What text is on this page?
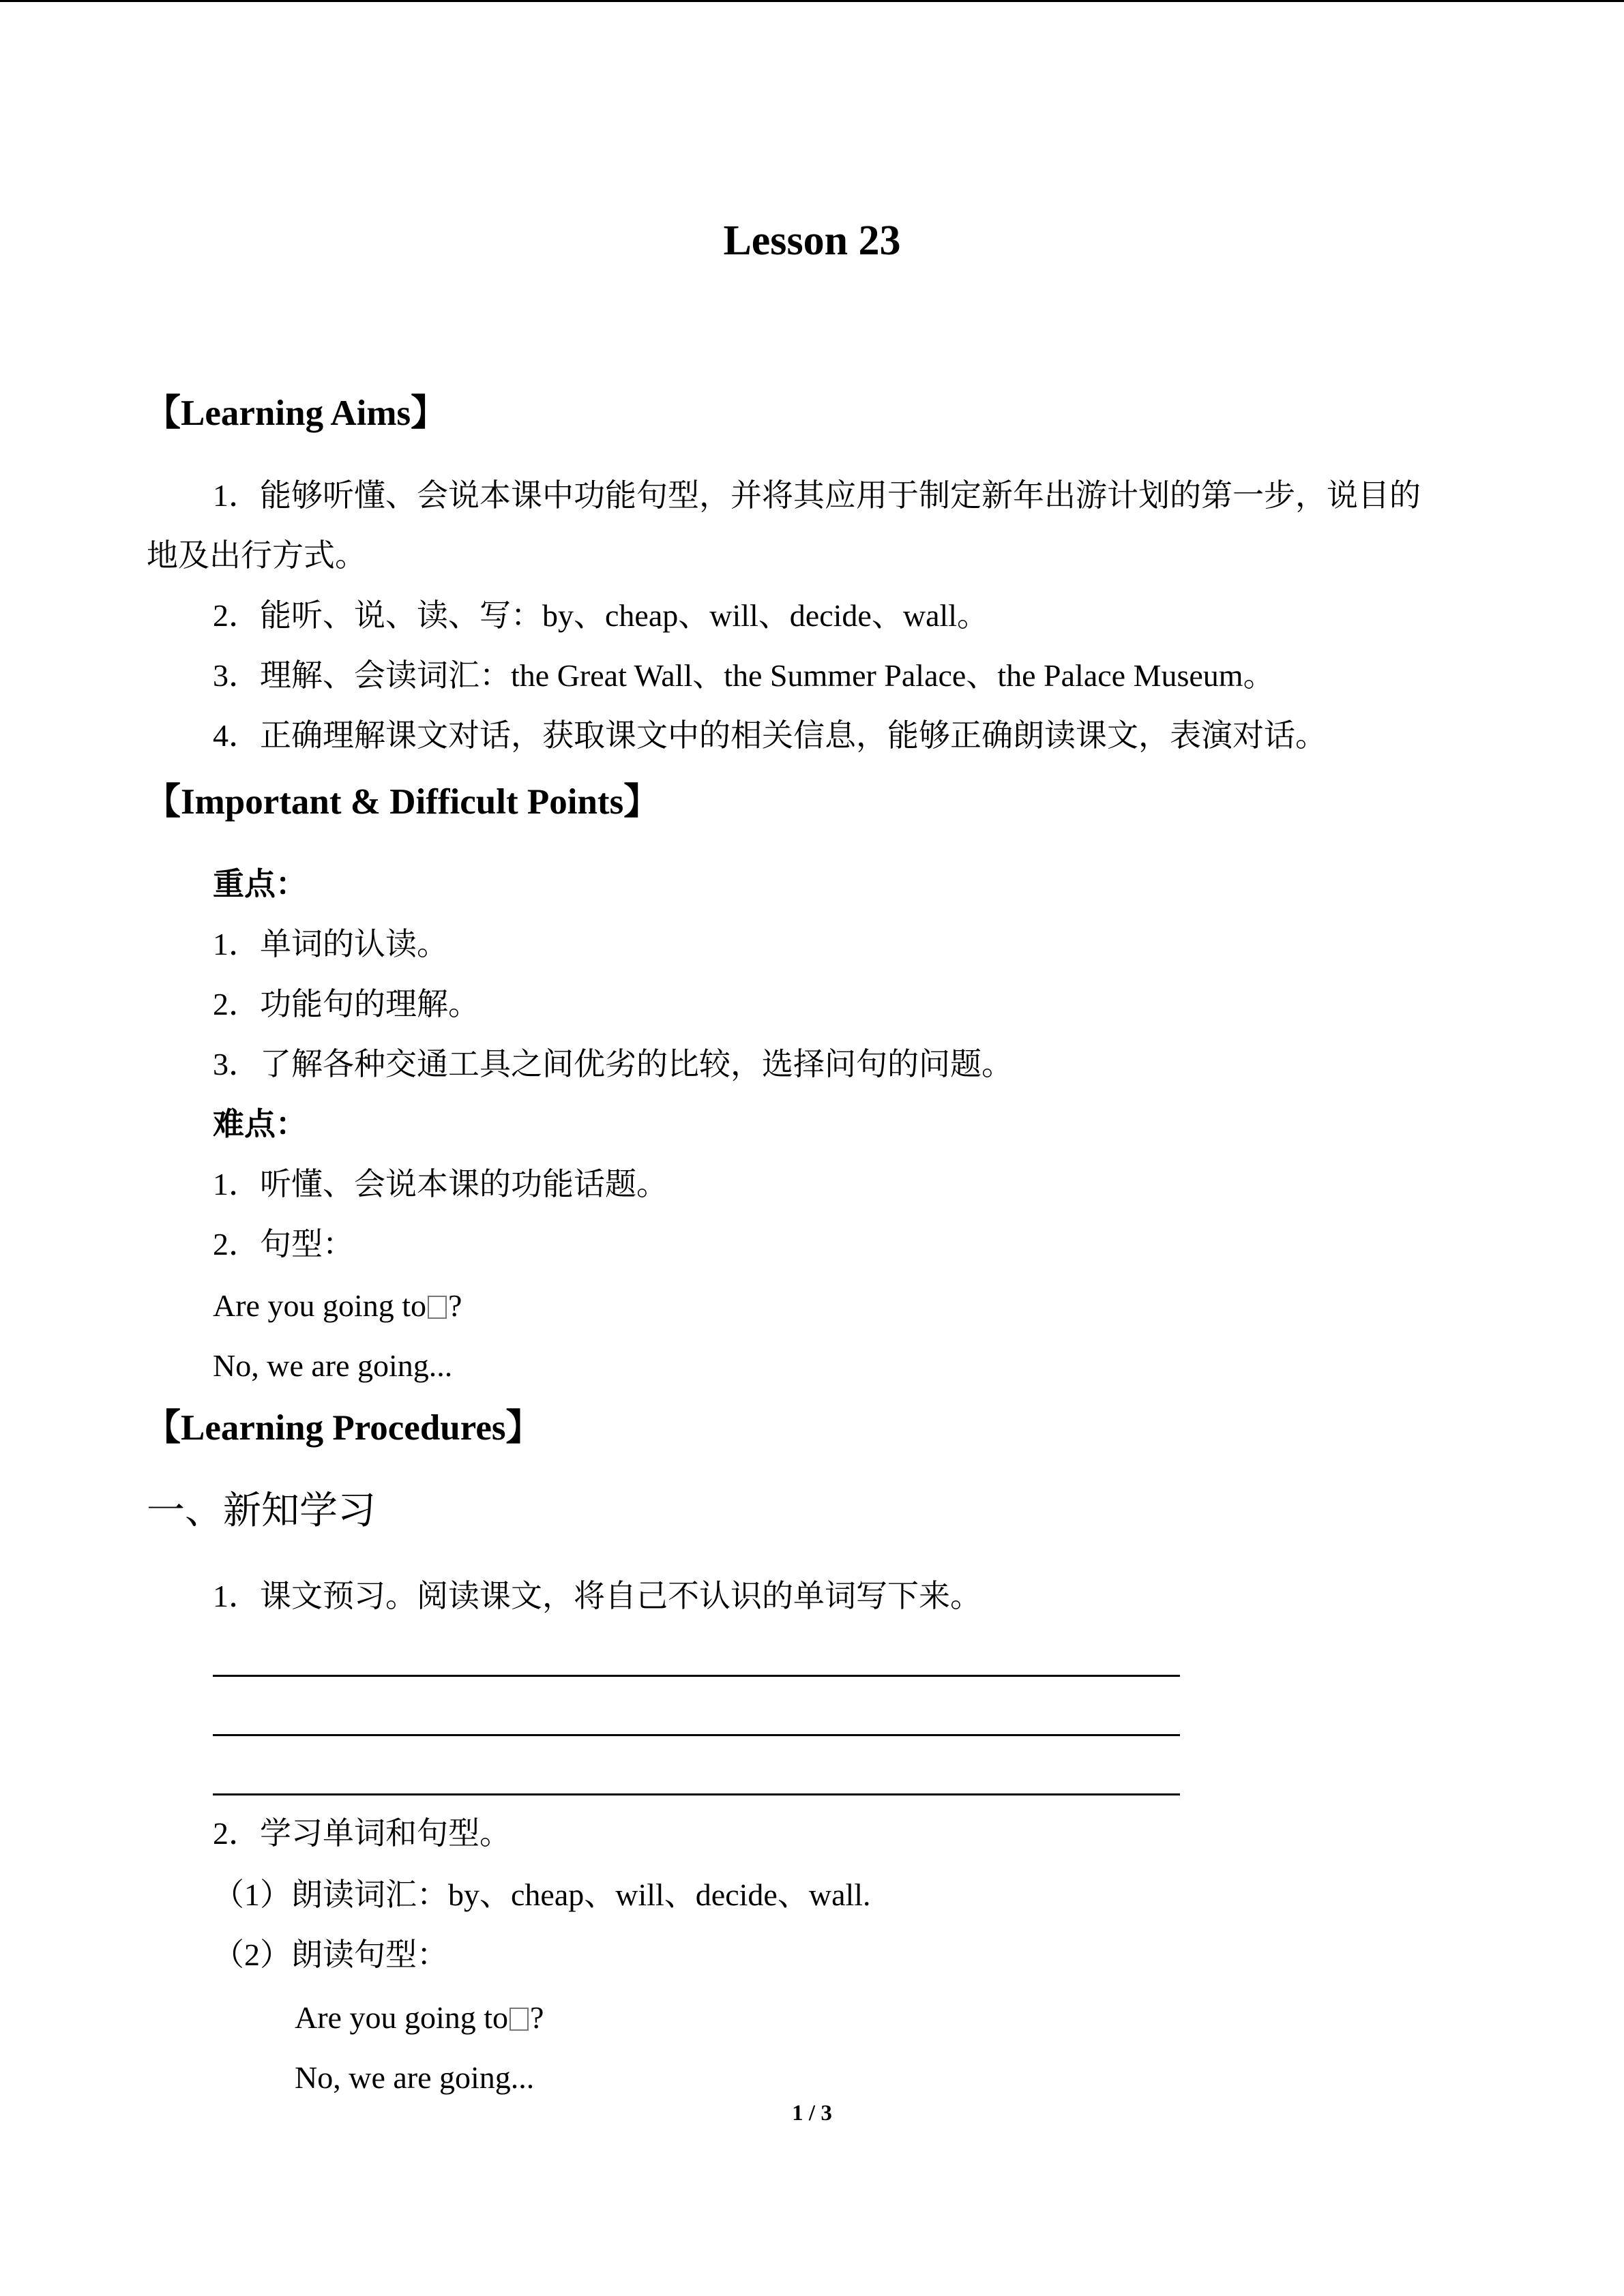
Lesson 23
【Learning Aims】
1．能够听懂、会说本课中功能句型，并将其应用于制定新年出游计划的第一步，说目的
地及出行方式。
2．能听、说、读、写：by、cheap、will、decide、wall。
3．理解、会读词汇：the Great Wall、the Summer Palace、the Palace Museum。
4．正确理解课文对话，获取课文中的相关信息，能够正确朗读课文，表演对话。
【Important & Difficult Points】
重点：
1．单词的认读。
2．功能句的理解。
3．了解各种交通工具之间优劣的比较，选择问句的问题。
难点：
1．听懂、会说本课的功能话题。
2．句型：
Are you going to ?
No, we are going...
【Learning Procedures】
一、新知学习
1．课文预习。阅读课文，将自己不认识的单词写下来。
2．学习单词和句型。
（1）朗读词汇：by、cheap、will、decide、wall.
（2）朗读句型：
Are you going to ?
No, we are going...
1 / 3
